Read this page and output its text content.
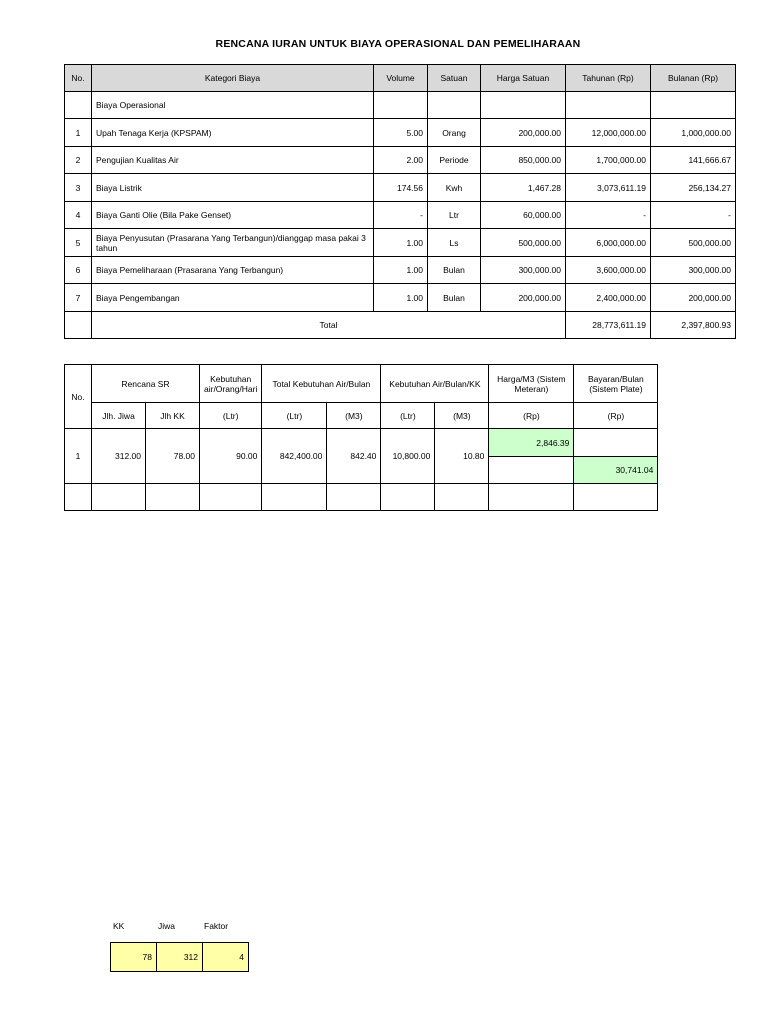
RENCANA IURAN UNTUK BIAYA OPERASIONAL DAN PEMELIHARAAN
No.	Kategori Biaya	Volume	Satuan	Harga Satuan	Tahunan (Rp)	Bulanan (Rp)
	Biaya Operasional					
1	Upah Tenaga Kerja (KPSPAM)	5.00	Orang	200,000.00	12,000,000.00	1,000,000.00
2	Pengujian Kualitas Air	2.00	Periode	850,000.00	1,700,000.00	141,666.67
3	Biaya Listrik	174.56	Kwh	1,467.28	3,073,611.19	256,134.27
4	Biaya Ganti Olie (Bila Pake Genset)	-	Ltr	60,000.00	-	-
5	Biaya Penyusutan (Prasarana Yang Terbangun)/dianggap masa pakai 3 tahun	1.00	Ls	500,000.00	6,000,000.00	500,000.00
6	Biaya Pemeliharaan (Prasarana Yang Terbangun)	1.00	Bulan	300,000.00	3,600,000.00	300,000.00
7	Biaya Pengembangan	1.00	Bulan	200,000.00	2,400,000.00	200,000.00
	Total				28,773,611.19	2,397,800.93
No.	Rencana SR		Kebutuhan air/Orang/Hari	Total Kebutuhan Air/Bulan		Kebutuhan Air/Bulan/KK		Harga/M3 (Sistem Meteran)	Bayaran/Bulan (Sistem Plate)
	Jlh. Jiwa	Jlh KK	(Ltr)	(Ltr)	(M3)	(Ltr)	(M3)	(Rp)	(Rp)
1	312.00	78.00	90.00	842,400.00	842.40	10,800.00	10.80	2,846.39	
									30,741.04

KK	Jiwa	Faktor
78	312	4
